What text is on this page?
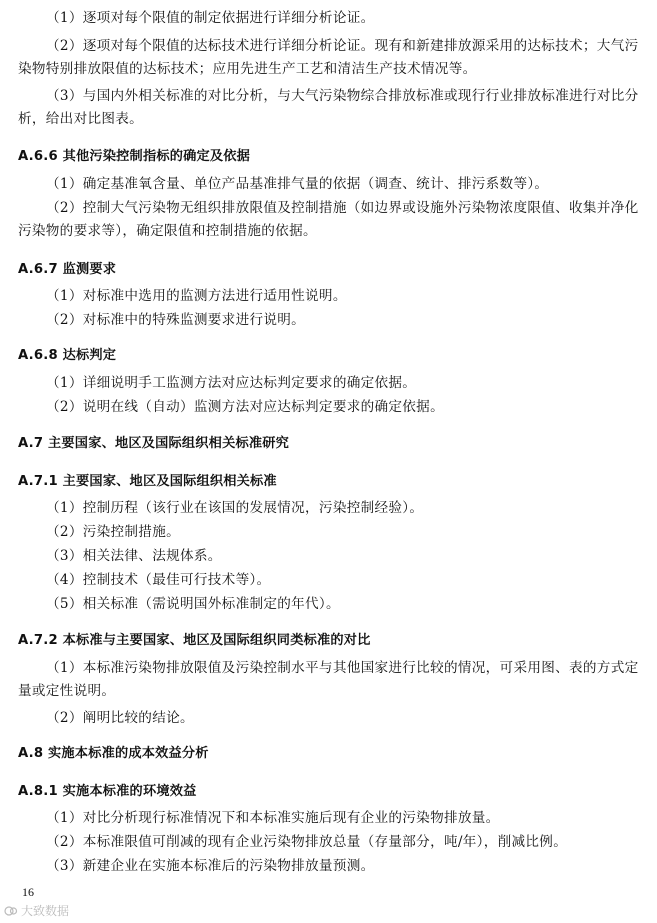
（1）逐项对每个限值的制定依据进行详细分析论证。
（2）逐项对每个限值的达标技术进行详细分析论证。现有和新建排放源采用的达标技术；大气污染物特别排放限值的达标技术；应用先进生产工艺和清洁生产技术情况等。
（3）与国内外相关标准的对比分析，与大气污染物综合排放标准或现行行业排放标准进行对比分析，给出对比图表。
A.6.6 其他污染控制指标的确定及依据
（1）确定基准氧含量、单位产品基准排气量的依据（调查、统计、排污系数等）。
（2）控制大气污染物无组织排放限值及控制措施（如边界或设施外污染物浓度限值、收集并净化污染物的要求等），确定限值和控制措施的依据。
A.6.7 监测要求
（1）对标准中选用的监测方法进行适用性说明。
（2）对标准中的特殊监测要求进行说明。
A.6.8 达标判定
（1）详细说明手工监测方法对应达标判定要求的确定依据。
（2）说明在线（自动）监测方法对应达标判定要求的确定依据。
A.7 主要国家、地区及国际组织相关标准研究
A.7.1 主要国家、地区及国际组织相关标准
（1）控制历程（该行业在该国的发展情况，污染控制经验）。
（2）污染控制措施。
（3）相关法律、法规体系。
（4）控制技术（最佳可行技术等）。
（5）相关标准（需说明国外标准制定的年代）。
A.7.2 本标准与主要国家、地区及国际组织同类标准的对比
（1）本标准污染物排放限值及污染控制水平与其他国家进行比较的情况，可采用图、表的方式定量或定性说明。
（2）阐明比较的结论。
A.8 实施本标准的成本效益分析
A.8.1 实施本标准的环境效益
（1）对比分析现行标准情况下和本标准实施后现有企业的污染物排放量。
（2）本标准限值可削减的现有企业污染物排放总量（存量部分，吨/年），削减比例。
（3）新建企业在实施本标准后的污染物排放量预测。
16
大致数据
